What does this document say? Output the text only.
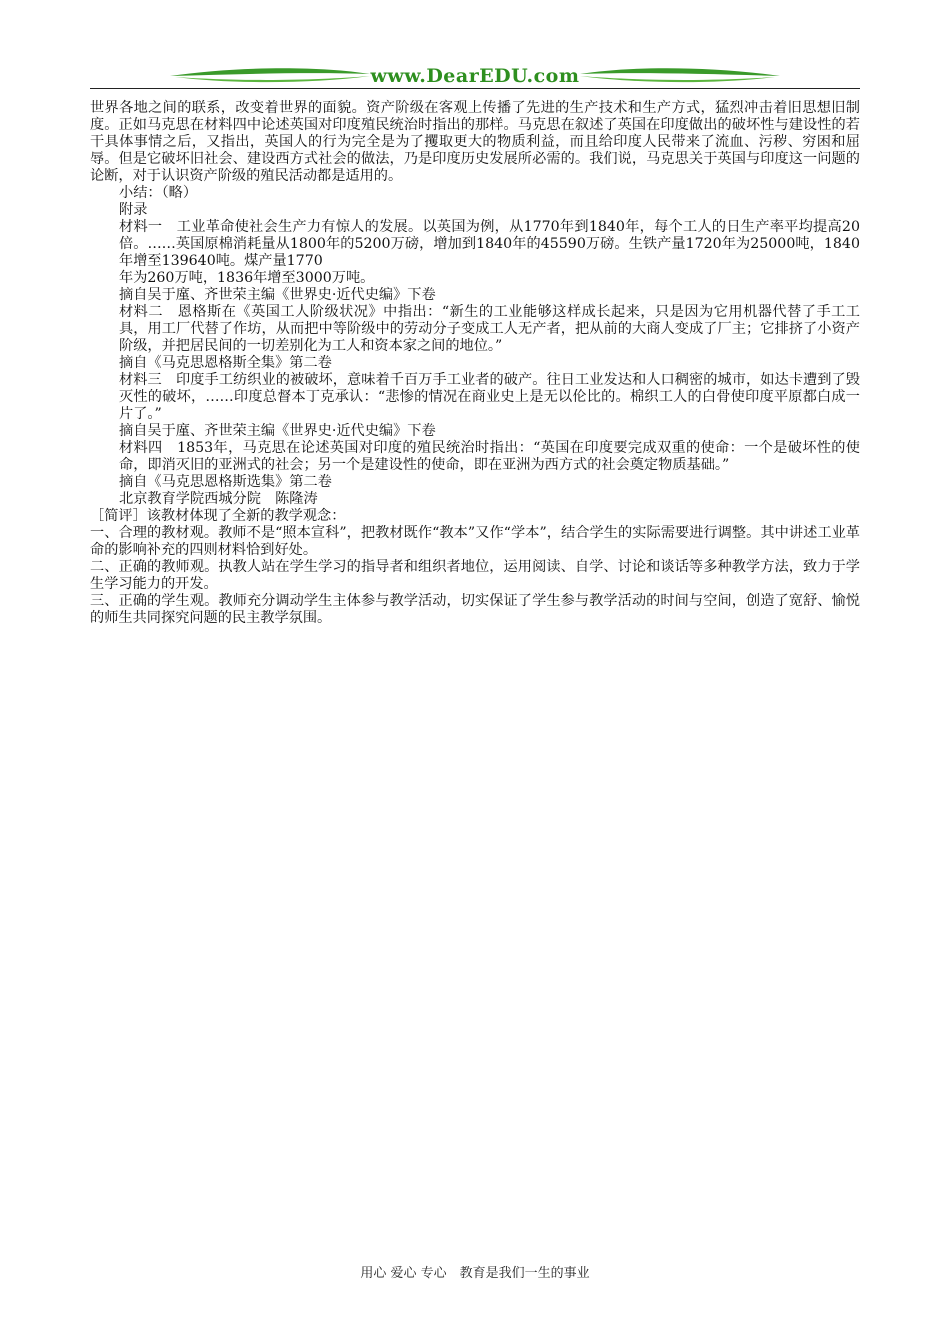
www.DearEDU.com

世界各地之间的联系，改变着世界的面貌。资产阶级在客观上传播了先进的生产技术和生产方式，猛烈冲击着旧思想旧制度。正如马克思在材料四中论述英国对印度殖民统治时指出的那样。马克思在叙述了英国在印度做出的破坏性与建设性的若干具体事情之后，又指出，英国人的行为完全是为了攫取更大的物质利益，而且给印度人民带来了流血、污秽、穷困和屈辱。但是它破坏旧社会、建设西方式社会的做法，乃是印度历史发展所必需的。我们说，马克思关于英国与印度这一问题的论断，对于认识资产阶级的殖民活动都是适用的。

小结：（略）

附录

材料一　工业革命使社会生产力有惊人的发展。以英国为例，从1770年到1840年，每个工人的日生产率平均提高20倍。……英国原棉消耗量从1800年的5200万磅，增加到1840年的45590万磅。生铁产量1720年为25000吨，1840年增至139640吨。煤产量1770

年为260万吨，1836年增至3000万吨。

摘自吴于廑、齐世荣主编《世界史·近代史编》下卷

材料二　恩格斯在《英国工人阶级状况》中指出：“新生的工业能够这样成长起来，只是因为它用机器代替了手工工具，用工厂代替了作坊，从而把中等阶级中的劳动分子变成工人无产者，把从前的大商人变成了厂主；它排挤了小资产阶级，并把居民间的一切差别化为工人和资本家之间的地位。”

摘自《马克思恩格斯全集》第二卷

材料三　印度手工纺织业的被破坏，意味着千百万手工业者的破产。往日工业发达和人口稠密的城市，如达卡遭到了毁灭性的破坏，……印度总督本丁克承认：“悲惨的情况在商业史上是无以伦比的。棉织工人的白骨使印度平原都白成一片了。”

摘自吴于廑、齐世荣主编《世界史·近代史编》下卷

材料四　1853年，马克思在论述英国对印度的殖民统治时指出：“英国在印度要完成双重的使命：一个是破坏性的使命，即消灭旧的亚洲式的社会；另一个是建设性的使命，即在亚洲为西方式的社会奠定物质基础。”

摘自《马克思恩格斯选集》第二卷

北京教育学院西城分院　陈隆涛

［简评］该教材体现了全新的教学观念：

一、合理的教材观。教师不是“照本宣科”，把教材既作“教本”又作“学本”，结合学生的实际需要进行调整。其中讲述工业革命的影响补充的四则材料恰到好处。

二、正确的教师观。执教人站在学生学习的指导者和组织者地位，运用阅读、自学、讨论和谈话等多种教学方法，致力于学生学习能力的开发。

三、正确的学生观。教师充分调动学生主体参与教学活动，切实保证了学生参与教学活动的时间与空间，创造了宽舒、愉悦的师生共同探究问题的民主教学氛围。

用心 爱心 专心　教育是我们一生的事业
